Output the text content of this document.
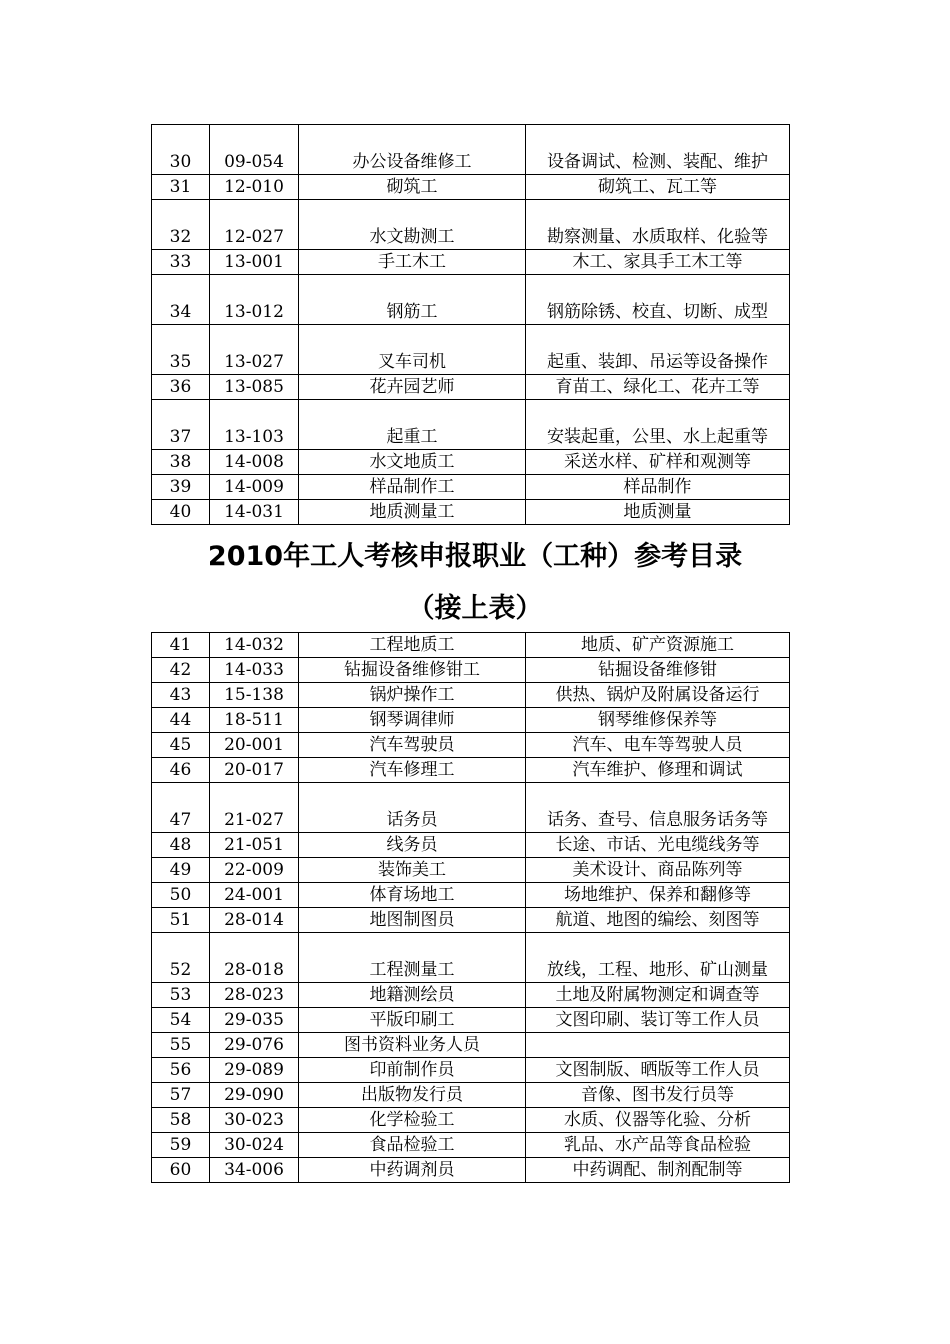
30	09-054	办公设备维修工	设备调试、检测、装配、维护
31	12-010	砌筑工	砌筑工、瓦工等
32	12-027	水文勘测工	勘察测量、水质取样、化验等
33	13-001	手工木工	木工、家具手工木工等
34	13-012	钢筋工	钢筋除锈、校直、切断、成型
35	13-027	叉车司机	起重、装卸、吊运等设备操作
36	13-085	花卉园艺师	育苗工、绿化工、花卉工等
37	13-103	起重工	安装起重，公里、水上起重等
38	14-008	水文地质工	采送水样、矿样和观测等
39	14-009	样品制作工	样品制作
40	14-031	地质测量工	地质测量
2010年工人考核申报职业（工种）参考目录
（接上表）
41	14-032	工程地质工	地质、矿产资源施工
42	14-033	钻掘设备维修钳工	钻掘设备维修钳
43	15-138	锅炉操作工	供热、锅炉及附属设备运行
44	18-511	钢琴调律师	钢琴维修保养等
45	20-001	汽车驾驶员	汽车、电车等驾驶人员
46	20-017	汽车修理工	汽车维护、修理和调试
47	21-027	话务员	话务、查号、信息服务话务等
48	21-051	线务员	长途、市话、光电缆线务等
49	22-009	装饰美工	美术设计、商品陈列等
50	24-001	体育场地工	场地维护、保养和翻修等
51	28-014	地图制图员	航道、地图的编绘、刻图等
52	28-018	工程测量工	放线，工程、地形、矿山测量
53	28-023	地籍测绘员	土地及附属物测定和调查等
54	29-035	平版印刷工	文图印刷、装订等工作人员
55	29-076	图书资料业务人员	
56	29-089	印前制作员	文图制版、晒版等工作人员
57	29-090	出版物发行员	音像、图书发行员等
58	30-023	化学检验工	水质、仪器等化验、分析
59	30-024	食品检验工	乳品、水产品等食品检验
60	34-006	中药调剂员	中药调配、制剂配制等
